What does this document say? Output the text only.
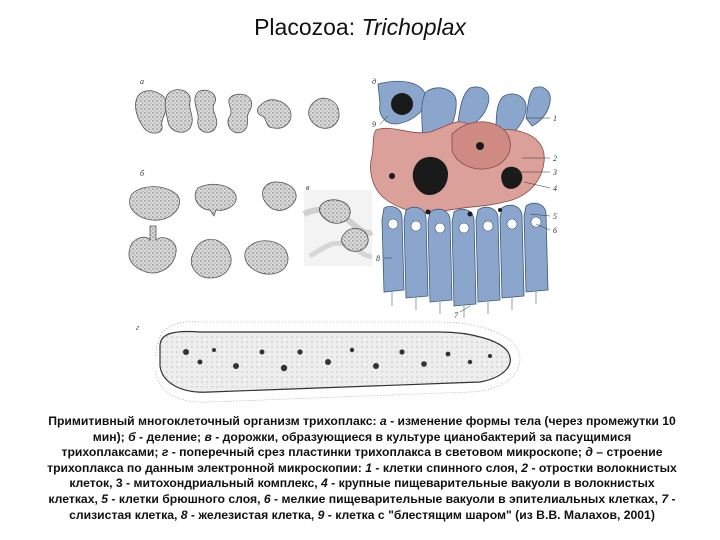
Placozoa: Trichoplax
а
б
в
г
д
1
2
3
4
5
6
9
8
7
Примитивный многоклеточный организм трихоплакс: а - изменение формы тела (через промежутки 10 мин); б - деление; в - дорожки, образующиеся в культуре цианобактерий за пасущимися трихоплаксами; г - поперечный срез пластинки трихоплакса в световом микроскопе; д – строение трихоплакса по данным электронной микроскопии: 1 - клетки спинного слоя, 2 - отростки волокнистых клеток, 3 - митохондриальный комплекс, 4 - крупные пищеварительные вакуоли в волокнистых клетках, 5 - клетки брюшного слоя, 6 - мелкие пищеварительные вакуоли в эпителиальных клетках, 7 - слизистая клетка, 8 - железистая клетка, 9 - клетка с "блестящим шаром" (из В.В. Малахов, 2001)
